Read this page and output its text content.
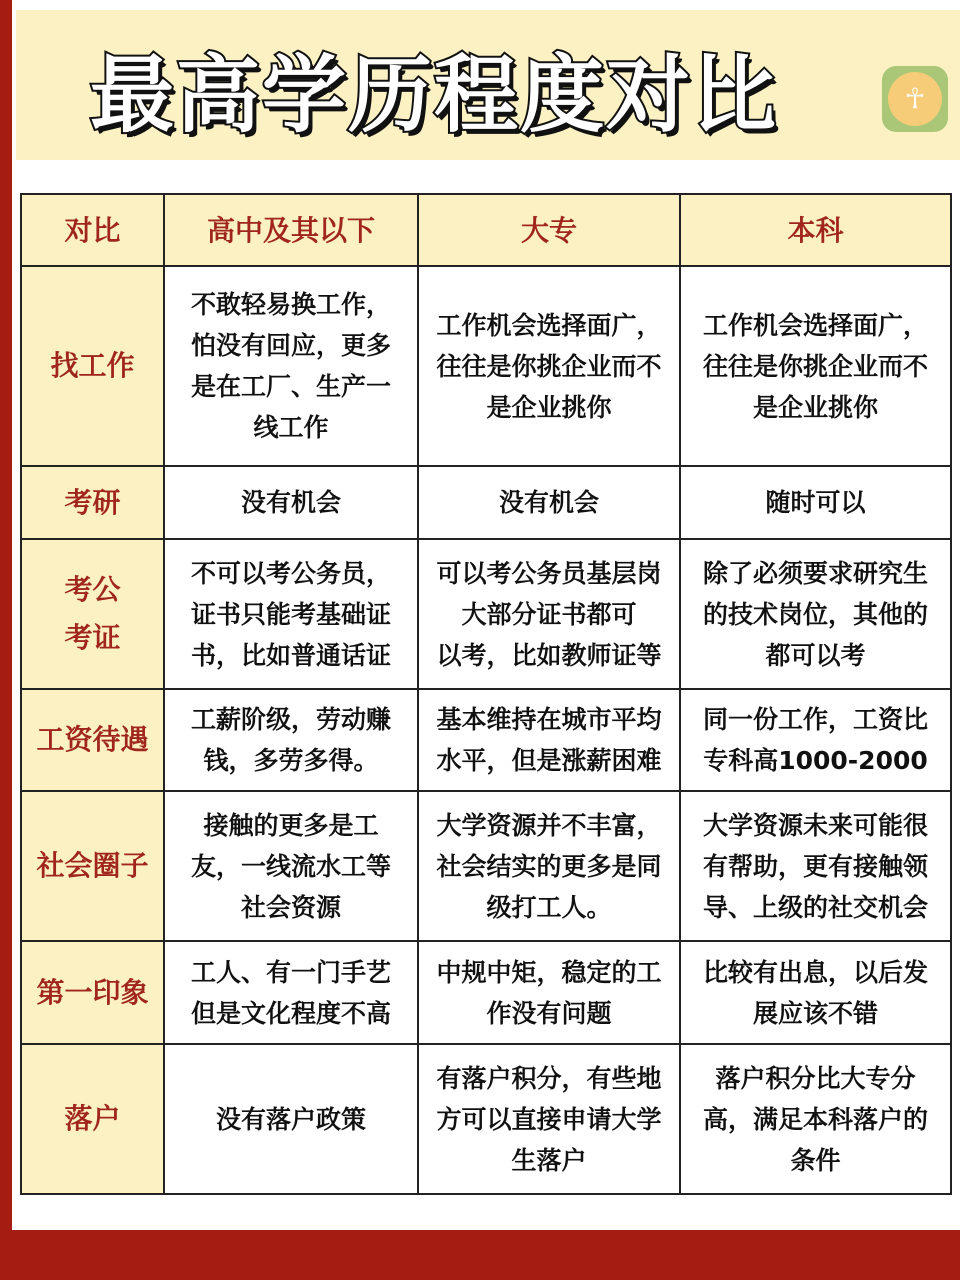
最高学历程度对比	☥
对比	高中及其以下	大专	本科
找工作	不敢轻易换工作，
怕没有回应，更多
是在工厂、生产一
线工作	工作机会选择面广，
往往是你挑企业而不
是企业挑你	工作机会选择面广，
往往是你挑企业而不
是企业挑你
考研	没有机会	没有机会	随时可以
考公
考证	不可以考公务员，
证书只能考基础证
书，比如普通话证	可以考公务员基层岗
大部分证书都可
以考，比如教师证等	除了必须要求研究生
的技术岗位，其他的
都可以考
工资待遇	工薪阶级，劳动赚
钱，多劳多得。	基本维持在城市平均
水平，但是涨薪困难	同一份工作，工资比
专科高1000-2000
社会圈子	接触的更多是工
友，一线流水工等
社会资源	大学资源并不丰富，
社会结实的更多是同
级打工人。	大学资源未来可能很
有帮助，更有接触领
导、上级的社交机会
第一印象	工人、有一门手艺
但是文化程度不高	中规中矩，稳定的工
作没有问题	比较有出息，以后发
展应该不错
落户	没有落户政策	有落户积分，有些地
方可以直接申请大学
生落户	落户积分比大专分
高，满足本科落户的
条件
